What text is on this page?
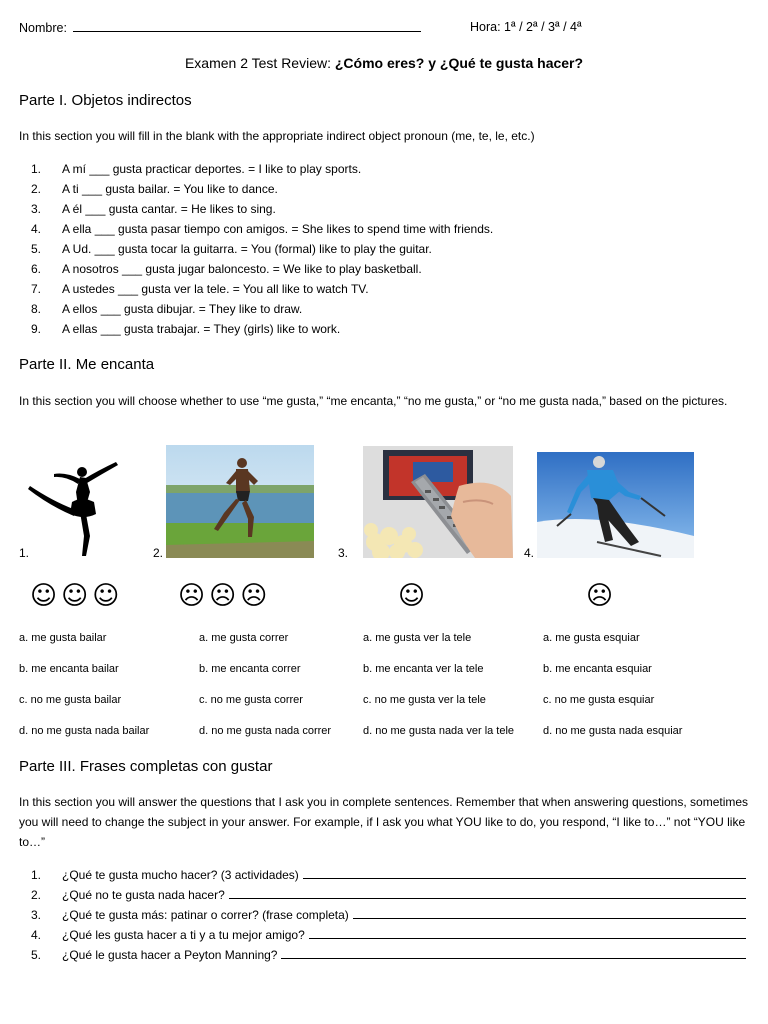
Nombre:	Hora: 1ª / 2ª / 3ª / 4ª
Examen 2 Test Review: ¿Cómo eres? y ¿Qué te gusta hacer?
Parte I. Objetos indirectos
In this section you will fill in the blank with the appropriate indirect object pronoun (me, te, le, etc.)
1. A mí ___ gusta practicar deportes. = I like to play sports.
2. A ti ___ gusta bailar. = You like to dance.
3. A él ___ gusta cantar. = He likes to sing.
4. A ella ___ gusta pasar tiempo con amigos. = She likes to spend time with friends.
5. A Ud. ___ gusta tocar la guitarra. = You (formal) like to play the guitar.
6. A nosotros ___ gusta jugar baloncesto. = We like to play basketball.
7. A ustedes ___ gusta ver la tele. = You all like to watch TV.
8. A ellos ___ gusta dibujar. = They like to draw.
9. A ellas ___ gusta trabajar. = They (girls) like to work.
Parte II. Me encanta
In this section you will choose whether to use “me gusta,” “me encanta,” “no me gusta,” or “no me gusta nada,” based on the pictures.
1.	2.	3.	4.
☺☺☺ ☹☹☹	☺	☹
a. me gusta bailar
b. me encanta bailar
c. no me gusta bailar
d. no me gusta nada bailar
a. me gusta correr
b. me encanta correr
c. no me gusta correr
d. no me gusta nada correr
a. me gusta ver la tele
b. me encanta ver la tele
c. no me gusta ver la tele
d. no me gusta nada ver la tele
a. me gusta esquiar
b. me encanta esquiar
c. no me gusta esquiar
d. no me gusta nada esquiar
Parte III. Frases completas con gustar
In this section you will answer the questions that I ask you in complete sentences. Remember that when answering questions, sometimes you will need to change the subject in your answer. For example, if I ask you what YOU like to do, you respond, “I like to…” not “YOU like to…”
1. ¿Qué te gusta mucho hacer? (3 actividades)
2. ¿Qué no te gusta nada hacer?
3. ¿Qué te gusta más: patinar o correr? (frase completa)
4. ¿Qué les gusta hacer a ti y a tu mejor amigo?
5. ¿Qué le gusta hacer a Peyton Manning?
